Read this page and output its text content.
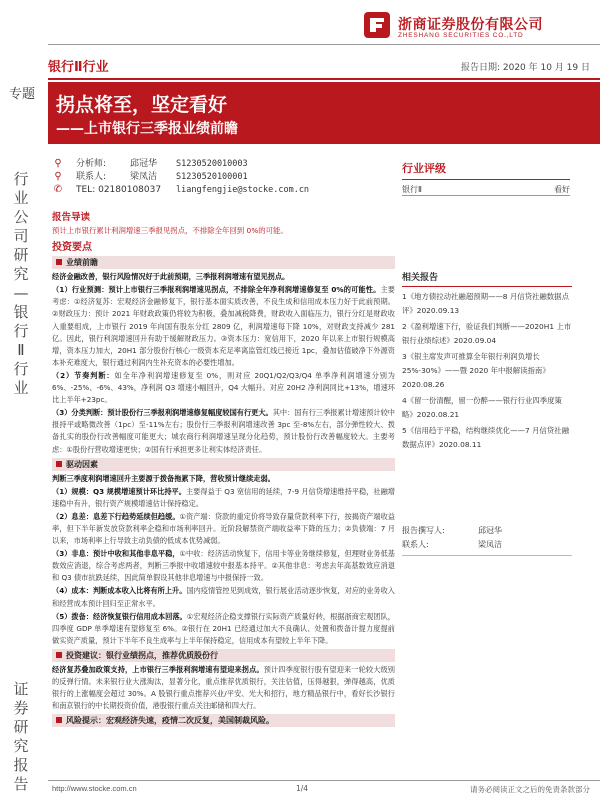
浙商证券股份有限公司
ZHESHANG SECURITIES CO.,LTD
专题
行业公司研究—银行Ⅱ行业
证券研究报告
银行Ⅱ行业	报告日期: 2020 年 10 月 19 日
拐点将至，坚定看好
——上市银行三季报业绩前瞻
⚲ 分析师:	邱冠华 S1230520010003
⚲ 联系人:	梁凤洁 S1230520100001
✆ TEL: 02180108037 liangfengjie@stocke.com.cn
行业评级
银行Ⅱ	看好
相关报告
1《地方债拉动社融超预期——8 月信贷社融数据点评》2020.09.13
2《盈利增速下行，验证我们判断——2020H1 上市银行业绩综述》2020.09.04
3《银主席发声可推算全年银行利润负增长 25%-30%》——暨 2020 年中报解读指南》2020.08.26
4《留一份清醒，留一份醉——银行行业四季度策略》2020.08.21
5《信用趋于平稳，结构继续优化——7 月信贷社融数据点评》2020.08.11
报告撰写人:	邱冠华
联系人:	梁凤洁
报告导读
预计上市银行累计利润增速三季报见拐点，不排除全年回到 0%的可能。
投资要点
业绩前瞻
经济金融改善，银行风险情况好于此前预期，三季报利润增速有望见拐点。
（1）行业预测：预计上市银行三季报利润增速见拐点，不排除全年净利润增速修复至 0%的可能性。主要考虑：①经济复苏：宏观经济金融修复下，银行基本面实质改善，不良生成和信用成本压力好于此前预期。②财政压力：预计 2021 年财政政策仍将较为积极，叠加减税降费，财政收入面临压力，银行分红是财政收入重要组成，上市银行 2019 年向国有股东分红 2809 亿，利润增速每下降 10%，对财政支持减少 281 亿。因此，银行利润增速回升有助于缓解财政压力。③资本压力：宽信用下，2020 年以来上市银行规模高增，资本压力加大，20H1 部分股份行核心一级资本充足率离监管红线已接近 1pc，叠加估值破净下外源资本补充难度大，银行通过利润内生补充资本的必要性增加。
（2）节奏判断：如全年净利润增速修复至 0%，则对应 20Q1/Q2/Q3/Q4 单季净利润增速分别为 6%、-25%、-6%、43%，净利润 Q3 增速小幅回升，Q4 大幅升。对应 20H2 净利润同比+13%，增速环比上半年+23pc。
（3）分类判断：预计股份行三季报利润增速修复幅度较国有行更大。其中：国有行三季报累计增速预计较中报持平或略微改善（1pc）至-11%左右；股份行三季报利润增速改善 3pc 至-8%左右，部分弹性较大、拨备扎实的股份行改善幅度可能更大；城农商行利润增速呈现分化趋势，预计股份行改善幅度较大。主要考虑：①股份行营收增速更快；②国有行承担更多让利实体经济责任。
驱动因素
判断三季度利润增速回升主要源于拨备拖累下降，营收预计继续走弱。
（1）规模：Q3 规模增速预计环比持平。主要得益于 Q3 宽信用的延续，7-9 月信贷增速维持平稳，社融增速稳中有升，银行资产规模增速估计保持稳定。
（2）息差：息差下行趋势延续但趋缓。①资产端：贷款的重定价将导致存量贷款利率下行，按揭资产端收益率，但下半年新发放贷款利率企稳和市场利率回升。近阶段解禁资产端收益率下降的压力；②负债端：7 月以来，市场利率上行导致主动负债的低成本优势减弱。
（3）非息：预计中收和其他非息平稳，①中收：经济活动恢复下，信用卡等业务继续修复，但理财业务低基数效应消退，综合考虑两者，判断三季报中收增速较中报基本持平。②其他非息：考虑去年高基数效应消退和 Q3 债市抗跌延续，因此简单假设其他非息增速与中报保持一致。
（4）成本：判断成本收入比将有所上升。国内疫情管控见到成效，银行展业活动逐步恢复，对应的业务收入和经营成本预计回归至正常水平。
（5）拨备：经济恢复银行信用成本回落。①宏观经济企稳支撑银行实际资产质量好转，根据浙商宏观团队，四季度 GDP 单季增速有望修复至 6%。②银行在 20H1 已经通过加大不良确认、处置和拨备计提力度提前做实资产质量，预计下半年不良生成率与上半年保持稳定，信用成本有望较上半年下降。
投资建议：银行业绩拐点，推荐优质股份行
经济复苏叠加政策支持，上市银行三季报利润增速有望迎来拐点。预计四季度银行股有望迎来一轮较大级别的反弹行情。未来银行业大涨淘汰，显著分化，重点推荐优质银行，关注估值，压得越狠，弹得越高，优质银行的上涨幅度会超过 30%。A 股银行重点推荐兴业/平安、光大和招行，地方精品银行中，看好长沙银行和南京银行的中长期投资价值，港股银行重点关注邮储和四大行。
风险提示：宏观经济失速，疫情二次反复，美国制裁风险。
http://www.stocke.com.cn	1/4	请务必阅读正文之后的免责条款部分
